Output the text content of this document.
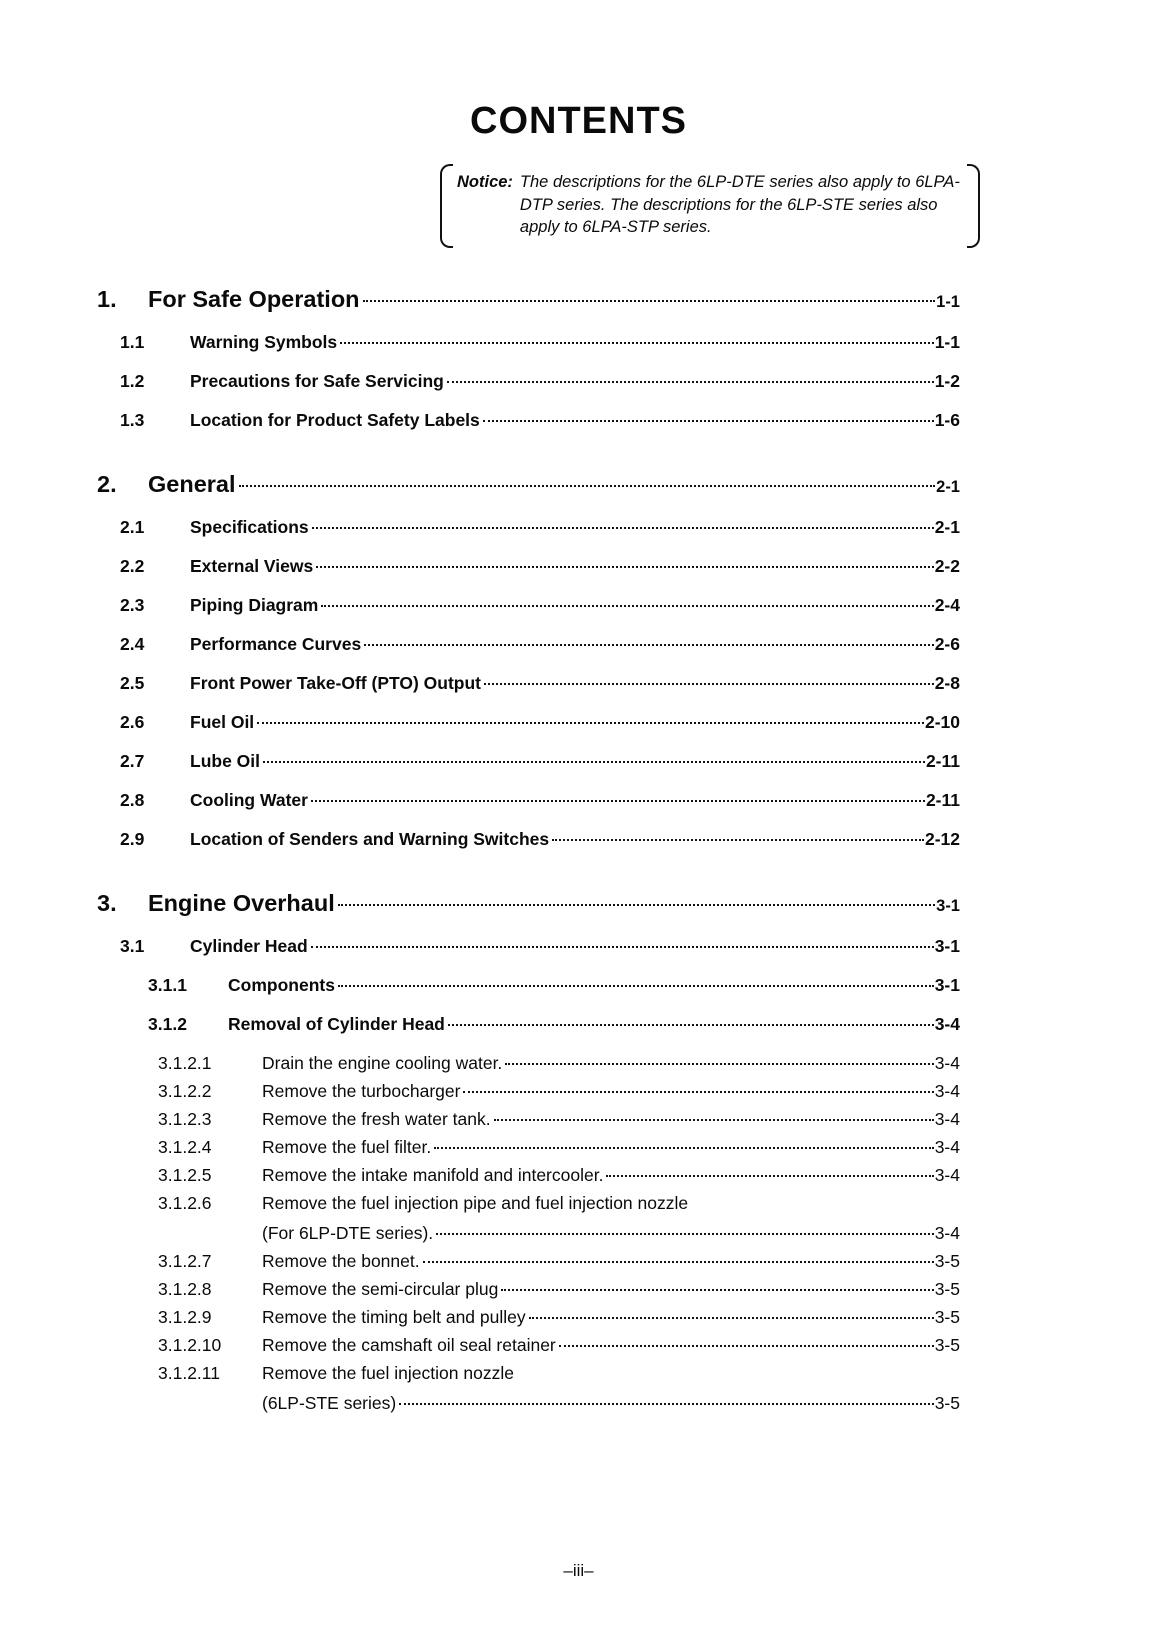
CONTENTS
Notice: The descriptions for the 6LP-DTE series also apply to 6LPA-DTP series. The descriptions for the 6LP-STE series also apply to 6LPA-STP series.
1.	For Safe Operation	1-1
1.1	Warning Symbols	1-1
1.2	Precautions for Safe Servicing	1-2
1.3	Location for Product Safety Labels	1-6
2.	General	2-1
2.1	Specifications	2-1
2.2	External Views	2-2
2.3	Piping Diagram	2-4
2.4	Performance Curves	2-6
2.5	Front Power Take-Off (PTO) Output	2-8
2.6	Fuel Oil	2-10
2.7	Lube Oil	2-11
2.8	Cooling Water	2-11
2.9	Location of Senders and Warning Switches	2-12
3.	Engine Overhaul	3-1
3.1	Cylinder Head	3-1
3.1.1	Components	3-1
3.1.2	Removal of Cylinder Head	3-4
3.1.2.1	Drain the engine cooling water.	3-4
3.1.2.2	Remove the turbocharger	3-4
3.1.2.3	Remove the fresh water tank.	3-4
3.1.2.4	Remove the fuel filter.	3-4
3.1.2.5	Remove the intake manifold and intercooler.	3-4
3.1.2.6	Remove the fuel injection pipe and fuel injection nozzle
(For 6LP-DTE series).	3-4
3.1.2.7	Remove the bonnet.	3-5
3.1.2.8	Remove the semi-circular plug	3-5
3.1.2.9	Remove the timing belt and pulley	3-5
3.1.2.10	Remove the camshaft oil seal retainer	3-5
3.1.2.11	Remove the fuel injection nozzle
(6LP-STE series)	3-5
–iii–
